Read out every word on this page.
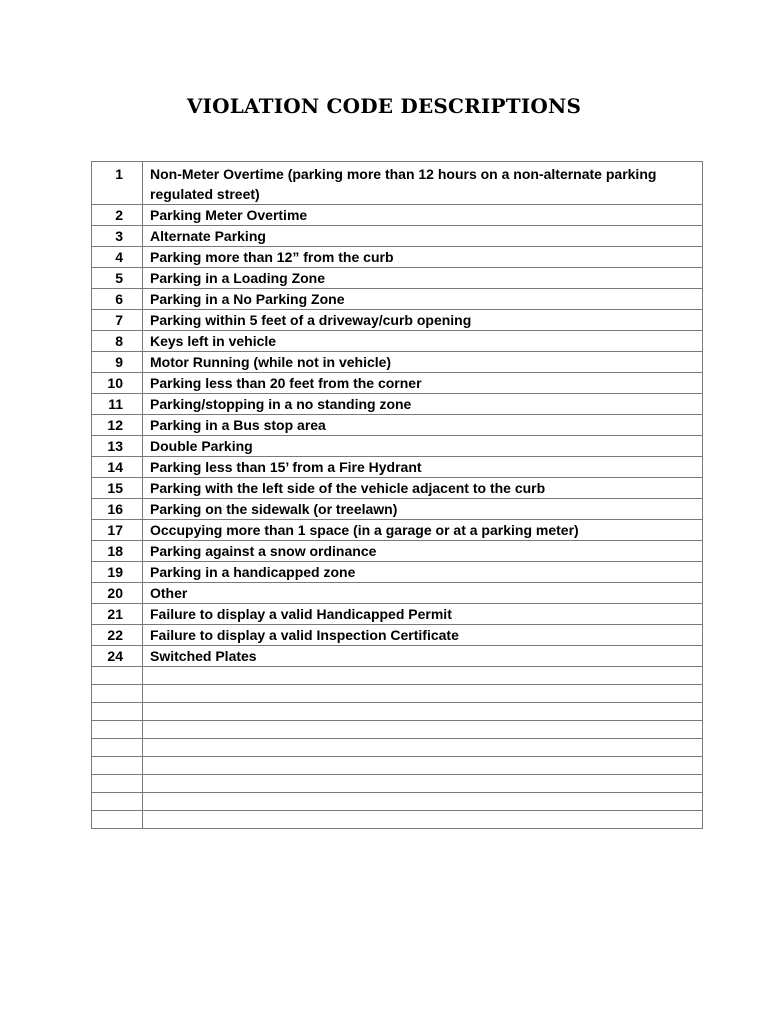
VIOLATION CODE DESCRIPTIONS
1	Non-Meter Overtime (parking more than 12 hours on a non-alternate parking regulated street)
2	Parking Meter Overtime
3	Alternate Parking
4	Parking more than 12” from the curb
5	Parking in a Loading Zone
6	Parking in a No Parking Zone
7	Parking within 5 feet of a driveway/curb opening
8	Keys left in vehicle
9	Motor Running (while not in vehicle)
10	Parking less than 20 feet from the corner
11	Parking/stopping in a no standing zone
12	Parking in a Bus stop area
13	Double Parking
14	Parking less than 15’ from a Fire Hydrant
15	Parking with the left side of the vehicle adjacent to the curb
16	Parking on the sidewalk (or treelawn)
17	Occupying more than 1 space (in a garage or at a parking meter)
18	Parking against a snow ordinance
19	Parking in a handicapped zone
20	Other
21	Failure to display a valid Handicapped Permit
22	Failure to display a valid Inspection Certificate
24	Switched Plates
